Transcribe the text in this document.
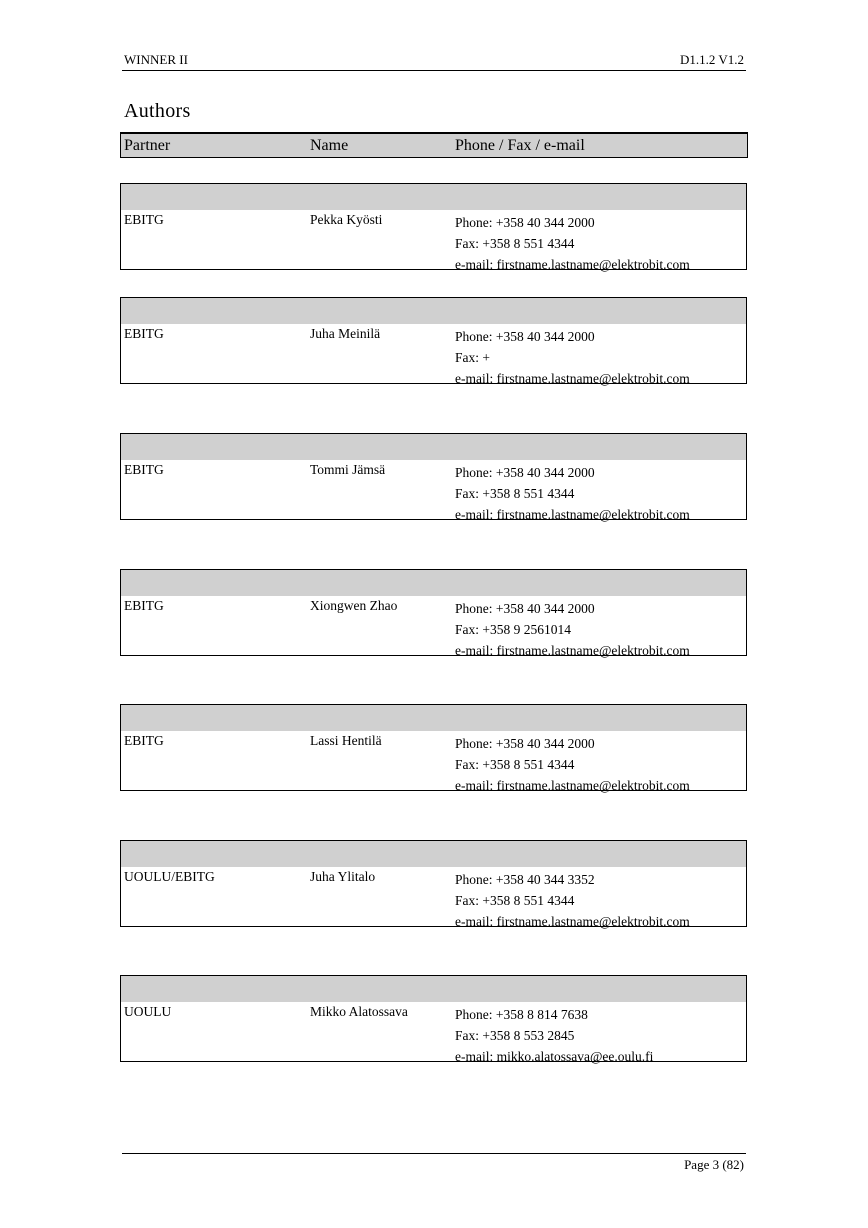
WINNER II	D1.1.2 V1.2
Authors
Partner	Name	Phone / Fax / e-mail
EBITG	Pekka Kyösti	Phone: +358 40 344 2000
Fax: +358 8 551 4344
e-mail: firstname.lastname@elektrobit.com
EBITG	Juha Meinilä	Phone: +358 40 344 2000
Fax: +
e-mail: firstname.lastname@elektrobit.com
EBITG	Tommi Jämsä	Phone: +358 40 344 2000
Fax: +358 8 551 4344
e-mail: firstname.lastname@elektrobit.com
EBITG	Xiongwen Zhao	Phone: +358 40 344 2000
Fax: +358 9 2561014
e-mail: firstname.lastname@elektrobit.com
EBITG	Lassi Hentilä	Phone: +358 40 344 2000
Fax: +358 8 551 4344
e-mail: firstname.lastname@elektrobit.com
UOULU/EBITG	Juha Ylitalo	Phone: +358 40 344 3352
Fax: +358 8 551 4344
e-mail: firstname.lastname@elektrobit.com
UOULU	Mikko Alatossava	Phone: +358 8 814 7638
Fax: +358 8 553 2845
e-mail: mikko.alatossava@ee.oulu.fi
Page 3 (82)
